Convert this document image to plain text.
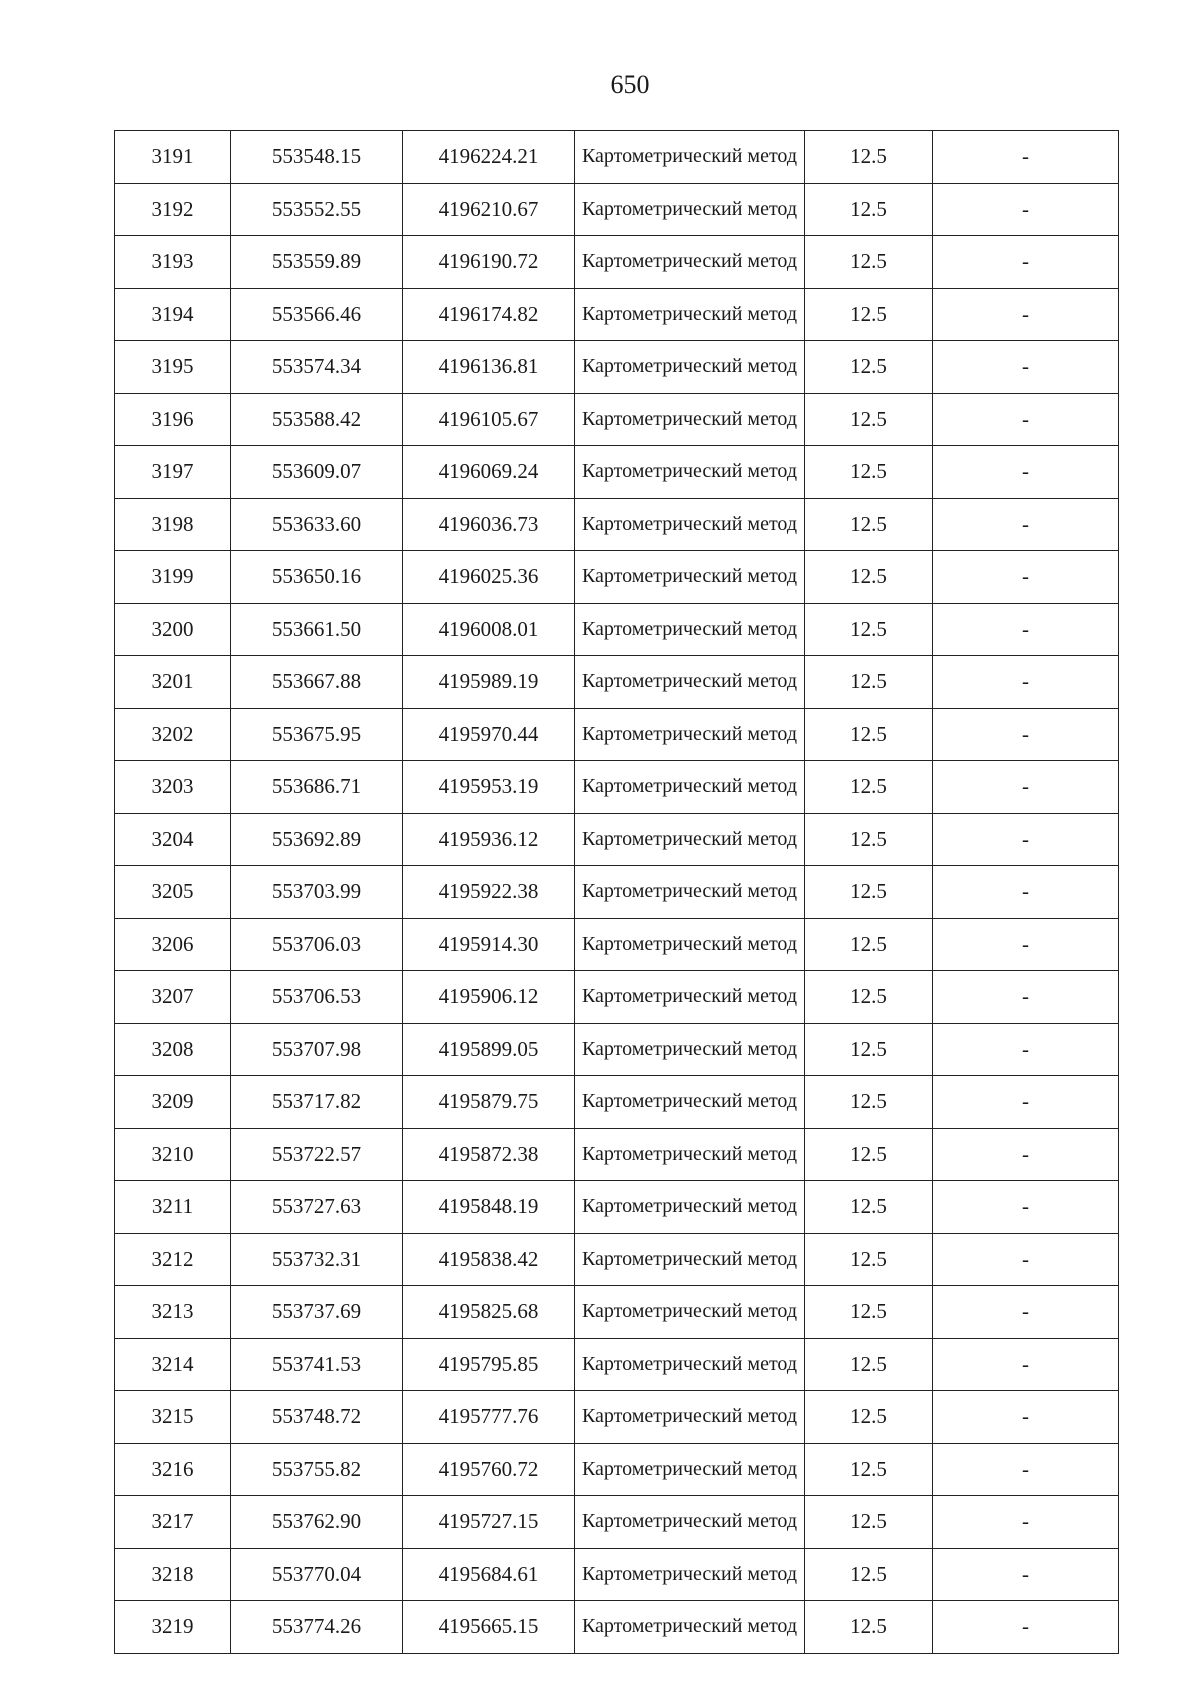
650
3191	553548.15	4196224.21	Картометрический метод	12.5	-
3192	553552.55	4196210.67	Картометрический метод	12.5	-
3193	553559.89	4196190.72	Картометрический метод	12.5	-
3194	553566.46	4196174.82	Картометрический метод	12.5	-
3195	553574.34	4196136.81	Картометрический метод	12.5	-
3196	553588.42	4196105.67	Картометрический метод	12.5	-
3197	553609.07	4196069.24	Картометрический метод	12.5	-
3198	553633.60	4196036.73	Картометрический метод	12.5	-
3199	553650.16	4196025.36	Картометрический метод	12.5	-
3200	553661.50	4196008.01	Картометрический метод	12.5	-
3201	553667.88	4195989.19	Картометрический метод	12.5	-
3202	553675.95	4195970.44	Картометрический метод	12.5	-
3203	553686.71	4195953.19	Картометрический метод	12.5	-
3204	553692.89	4195936.12	Картометрический метод	12.5	-
3205	553703.99	4195922.38	Картометрический метод	12.5	-
3206	553706.03	4195914.30	Картометрический метод	12.5	-
3207	553706.53	4195906.12	Картометрический метод	12.5	-
3208	553707.98	4195899.05	Картометрический метод	12.5	-
3209	553717.82	4195879.75	Картометрический метод	12.5	-
3210	553722.57	4195872.38	Картометрический метод	12.5	-
3211	553727.63	4195848.19	Картометрический метод	12.5	-
3212	553732.31	4195838.42	Картометрический метод	12.5	-
3213	553737.69	4195825.68	Картометрический метод	12.5	-
3214	553741.53	4195795.85	Картометрический метод	12.5	-
3215	553748.72	4195777.76	Картометрический метод	12.5	-
3216	553755.82	4195760.72	Картометрический метод	12.5	-
3217	553762.90	4195727.15	Картометрический метод	12.5	-
3218	553770.04	4195684.61	Картометрический метод	12.5	-
3219	553774.26	4195665.15	Картометрический метод	12.5	-
